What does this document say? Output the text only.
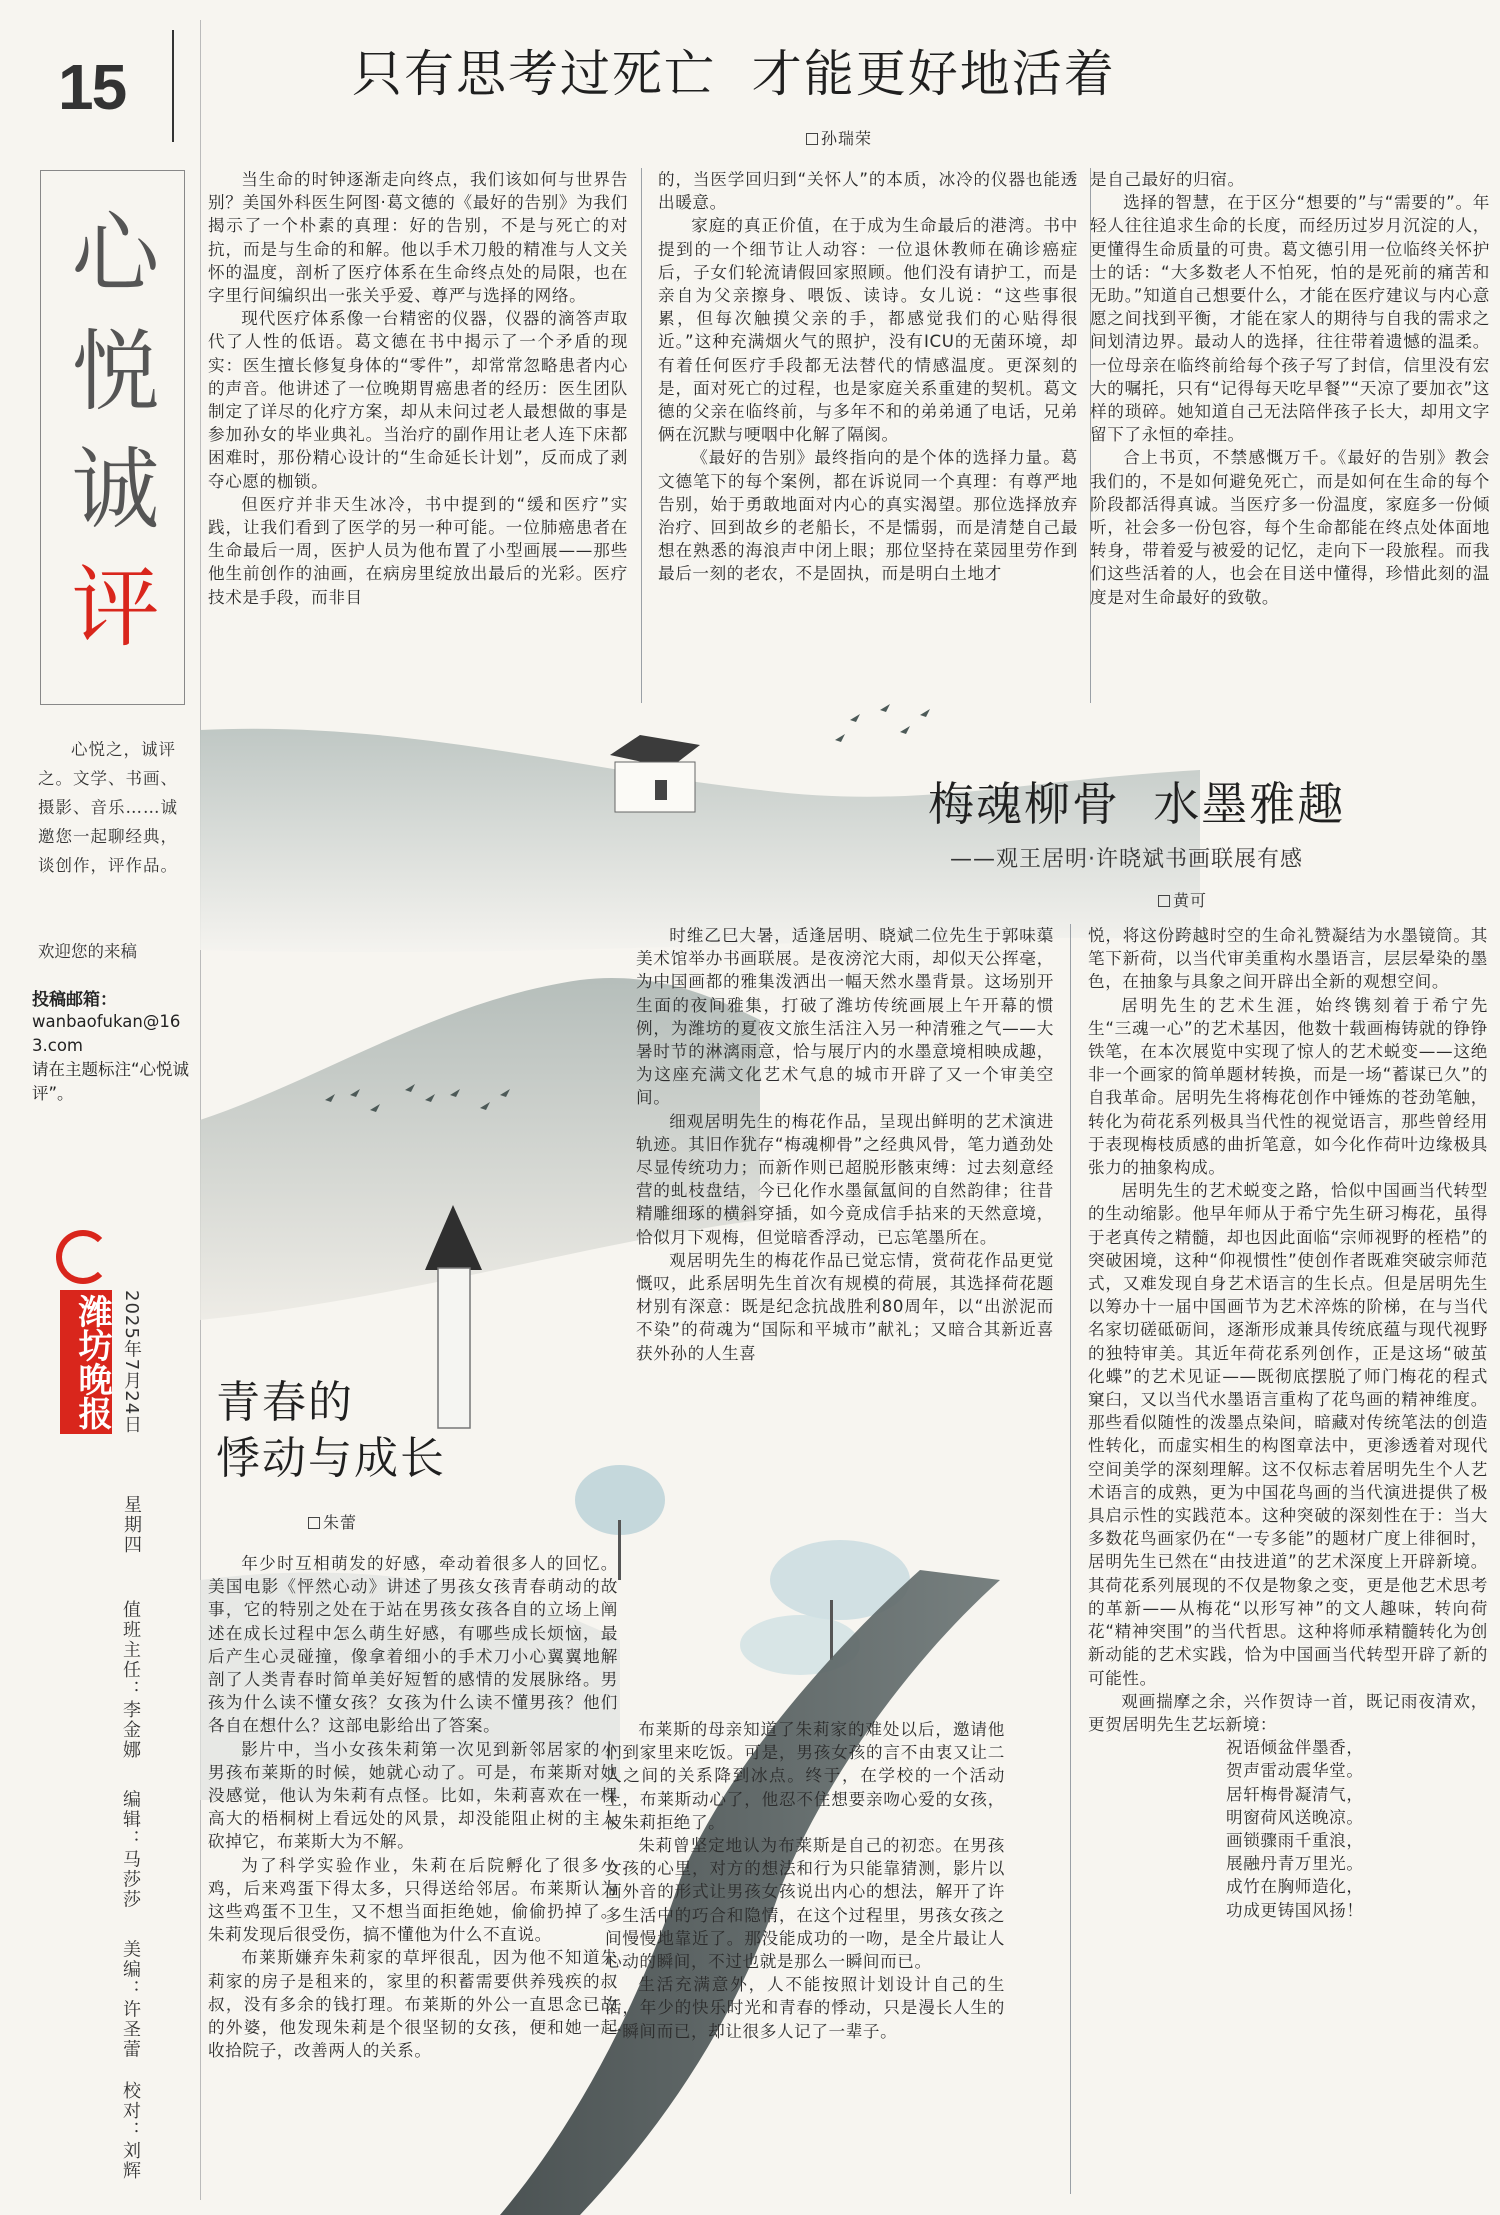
15
心
悦
诚
评
心悦之，诚评之。文学、书画、摄影、音乐……诚邀您一起聊经典，谈创作，评作品。
欢迎您的来稿
投稿邮箱：
wanbaofukan@163.com
请在主题标注“心悦诚评”。
潍坊晚报 2025年7月24日
星期四
值班主任：李金娜 编辑：马莎莎 美编：许圣蕾 校对：刘辉
只有思考过死亡  才能更好地活着
孙瑞荣

当生命的时钟逐渐走向终点，我们该如何与世界告别？美国外科医生阿图·葛文德的《最好的告别》为我们揭示了一个朴素的真理：好的告别，不是与死亡的对抗，而是与生命的和解。他以手术刀般的精准与人文关怀的温度，剖析了医疗体系在生命终点处的局限，也在字里行间编织出一张关乎爱、尊严与选择的网络。

现代医疗体系像一台精密的仪器，仪器的滴答声取代了人性的低语。葛文德在书中揭示了一个矛盾的现实：医生擅长修复身体的“零件”，却常常忽略患者内心的声音。他讲述了一位晚期胃癌患者的经历：医生团队制定了详尽的化疗方案，却从未问过老人最想做的事是参加孙女的毕业典礼。当治疗的副作用让老人连下床都困难时，那份精心设计的“生命延长计划”，反而成了剥夺心愿的枷锁。

但医疗并非天生冰冷，书中提到的“缓和医疗”实践，让我们看到了医学的另一种可能。一位肺癌患者在生命最后一周，医护人员为他布置了小型画展——那些他生前创作的油画，在病房里绽放出最后的光彩。医疗技术是手段，而非目

的，当医学回归到“关怀人”的本质，冰冷的仪器也能透出暖意。

家庭的真正价值，在于成为生命最后的港湾。书中提到的一个细节让人动容：一位退休教师在确诊癌症后，子女们轮流请假回家照顾。他们没有请护工，而是亲自为父亲擦身、喂饭、读诗。女儿说：“这些事很累，但每次触摸父亲的手，都感觉我们的心贴得很近。”这种充满烟火气的照护，没有ICU的无菌环境，却有着任何医疗手段都无法替代的情感温度。更深刻的是，面对死亡的过程，也是家庭关系重建的契机。葛文德的父亲在临终前，与多年不和的弟弟通了电话，兄弟俩在沉默与哽咽中化解了隔阂。

《最好的告别》最终指向的是个体的选择力量。葛文德笔下的每个案例，都在诉说同一个真理：有尊严地告别，始于勇敢地面对内心的真实渴望。那位选择放弃治疗、回到故乡的老船长，不是懦弱，而是清楚自己最想在熟悉的海浪声中闭上眼；那位坚持在菜园里劳作到最后一刻的老农，不是固执，而是明白土地才

是自己最好的归宿。

选择的智慧，在于区分“想要的”与“需要的”。年轻人往往追求生命的长度，而经历过岁月沉淀的人，更懂得生命质量的可贵。葛文德引用一位临终关怀护士的话：“大多数老人不怕死，怕的是死前的痛苦和无助。”知道自己想要什么，才能在医疗建议与内心意愿之间找到平衡，才能在家人的期待与自我的需求之间划清边界。最动人的选择，往往带着遗憾的温柔。一位母亲在临终前给每个孩子写了封信，信里没有宏大的嘱托，只有“记得每天吃早餐”“天凉了要加衣”这样的琐碎。她知道自己无法陪伴孩子长大，却用文字留下了永恒的牵挂。

合上书页，不禁感慨万千。《最好的告别》教会我们的，不是如何避免死亡，而是如何在生命的每个阶段都活得真诚。当医疗多一份温度，家庭多一份倾听，社会多一份包容，每个生命都能在终点处体面地转身，带着爱与被爱的记忆，走向下一段旅程。而我们这些活着的人，也会在目送中懂得，珍惜此刻的温度是对生命最好的致敬。

梅魂柳骨  水墨雅趣
——观王居明·许晓斌书画联展有感
黄可

时维乙巳大暑，适逢居明、晓斌二位先生于郭味蕖美术馆举办书画联展。是夜滂沱大雨，却似天公挥毫，为中国画都的雅集泼洒出一幅天然水墨背景。这场别开生面的夜间雅集，打破了潍坊传统画展上午开幕的惯例，为潍坊的夏夜文旅生活注入另一种清雅之气——大暑时节的淋漓雨意，恰与展厅内的水墨意境相映成趣，为这座充满文化艺术气息的城市开辟了又一个审美空间。

细观居明先生的梅花作品，呈现出鲜明的艺术演进轨迹。其旧作犹存“梅魂柳骨”之经典风骨，笔力遒劲处尽显传统功力；而新作则已超脱形骸束缚：过去刻意经营的虬枝盘结，今已化作水墨氤氲间的自然韵律；往昔精雕细琢的横斜穿插，如今竟成信手拈来的天然意境，恰似月下观梅，但觉暗香浮动，已忘笔墨所在。

观居明先生的梅花作品已觉忘情，赏荷花作品更觉慨叹，此系居明先生首次有规模的荷展，其选择荷花题材别有深意：既是纪念抗战胜利80周年，以“出淤泥而不染”的荷魂为“国际和平城市”献礼；又暗合其新近喜获外孙的人生喜

悦，将这份跨越时空的生命礼赞凝结为水墨镜筒。其笔下新荷，以当代审美重构水墨语言，层层晕染的墨色，在抽象与具象之间开辟出全新的观想空间。

居明先生的艺术生涯，始终镌刻着于希宁先生“三魂一心”的艺术基因，他数十载画梅铸就的铮铮铁笔，在本次展览中实现了惊人的艺术蜕变——这绝非一个画家的简单题材转换，而是一场“蓄谋已久”的自我革命。居明先生将梅花创作中锤炼的苍劲笔触，转化为荷花系列极具当代性的视觉语言，那些曾经用于表现梅枝质感的曲折笔意，如今化作荷叶边缘极具张力的抽象构成。

居明先生的艺术蜕变之路，恰似中国画当代转型的生动缩影。他早年师从于希宁先生研习梅花，虽得于老真传之精髓，却也因此面临“宗师视野的桎梏”的突破困境，这种“仰视惯性”使创作者既难突破宗师范式，又难发现自身艺术语言的生长点。但是居明先生以筹办十一届中国画节为艺术淬炼的阶梯，在与当代名家切磋砥砺间，逐渐形成兼具传统底蕴与现代视野的独特审美。其近年荷花系列创作，正是这场“破茧化蝶”的艺术见证——既彻底摆脱了师门梅花的程式窠臼，又以当代水墨语言重构了花鸟画的精神维度。那些看似随性的泼墨点染间，暗藏对传统笔法的创造性转化，而虚实相生的构图章法中，更渗透着对现代空间美学的深刻理解。这不仅标志着居明先生个人艺术语言的成熟，更为中国花鸟画的当代演进提供了极具启示性的实践范本。这种突破的深刻性在于：当大多数花鸟画家仍在“一专多能”的题材广度上徘徊时，居明先生已然在“由技进道”的艺术深度上开辟新境。其荷花系列展现的不仅是物象之变，更是他艺术思考的革新——从梅花“以形写神”的文人趣味，转向荷花“精神突围”的当代哲思。这种将师承精髓转化为创新动能的艺术实践，恰为中国画当代转型开辟了新的可能性。

观画揣摩之余，兴作贺诗一首，既记雨夜清欢，更贺居明先生艺坛新境：

祝语倾盆伴墨香，
贺声雷动震华堂。
居轩梅骨凝清气，
明窗荷风送晚凉。
画锁骤雨千重浪，
展融丹青万里光。
成竹在胸师造化，
功成更铸国风扬！
青春的
悸动与成长
朱蕾

年少时互相萌发的好感，牵动着很多人的回忆。美国电影《怦然心动》讲述了男孩女孩青春萌动的故事，它的特别之处在于站在男孩女孩各自的立场上阐述在成长过程中怎么萌生好感，有哪些成长烦恼，最后产生心灵碰撞，像拿着细小的手术刀小心翼翼地解剖了人类青春时简单美好短暂的感情的发展脉络。男孩为什么读不懂女孩？女孩为什么读不懂男孩？他们各自在想什么？这部电影给出了答案。

影片中，当小女孩朱莉第一次见到新邻居家的小男孩布莱斯的时候，她就心动了。可是，布莱斯对她没感觉，他认为朱莉有点怪。比如，朱莉喜欢在一棵高大的梧桐树上看远处的风景，却没能阻止树的主人砍掉它，布莱斯大为不解。

为了科学实验作业，朱莉在后院孵化了很多小鸡，后来鸡蛋下得太多，只得送给邻居。布莱斯认为这些鸡蛋不卫生，又不想当面拒绝她，偷偷扔掉了。朱莉发现后很受伤，搞不懂他为什么不直说。

布莱斯嫌弃朱莉家的草坪很乱，因为他不知道朱莉家的房子是租来的，家里的积蓄需要供养残疾的叔叔，没有多余的钱打理。布莱斯的外公一直思念已故的外婆，他发现朱莉是个很坚韧的女孩，便和她一起收拾院子，改善两人的关系。

布莱斯的母亲知道了朱莉家的难处以后，邀请他们到家里来吃饭。可是，男孩女孩的言不由衷又让二人之间的关系降到冰点。终于，在学校的一个活动上，布莱斯动心了，他忍不住想要亲吻心爱的女孩，被朱莉拒绝了。

朱莉曾坚定地认为布莱斯是自己的初恋。在男孩女孩的心里，对方的想法和行为只能靠猜测，影片以画外音的形式让男孩女孩说出内心的想法，解开了许多生活中的巧合和隐情，在这个过程里，男孩女孩之间慢慢地靠近了。那没能成功的一吻，是全片最让人心动的瞬间，不过也就是那么一瞬间而已。

生活充满意外，人不能按照计划设计自己的生活，年少的快乐时光和青春的悸动，只是漫长人生的一瞬间而已，却让很多人记了一辈子。
